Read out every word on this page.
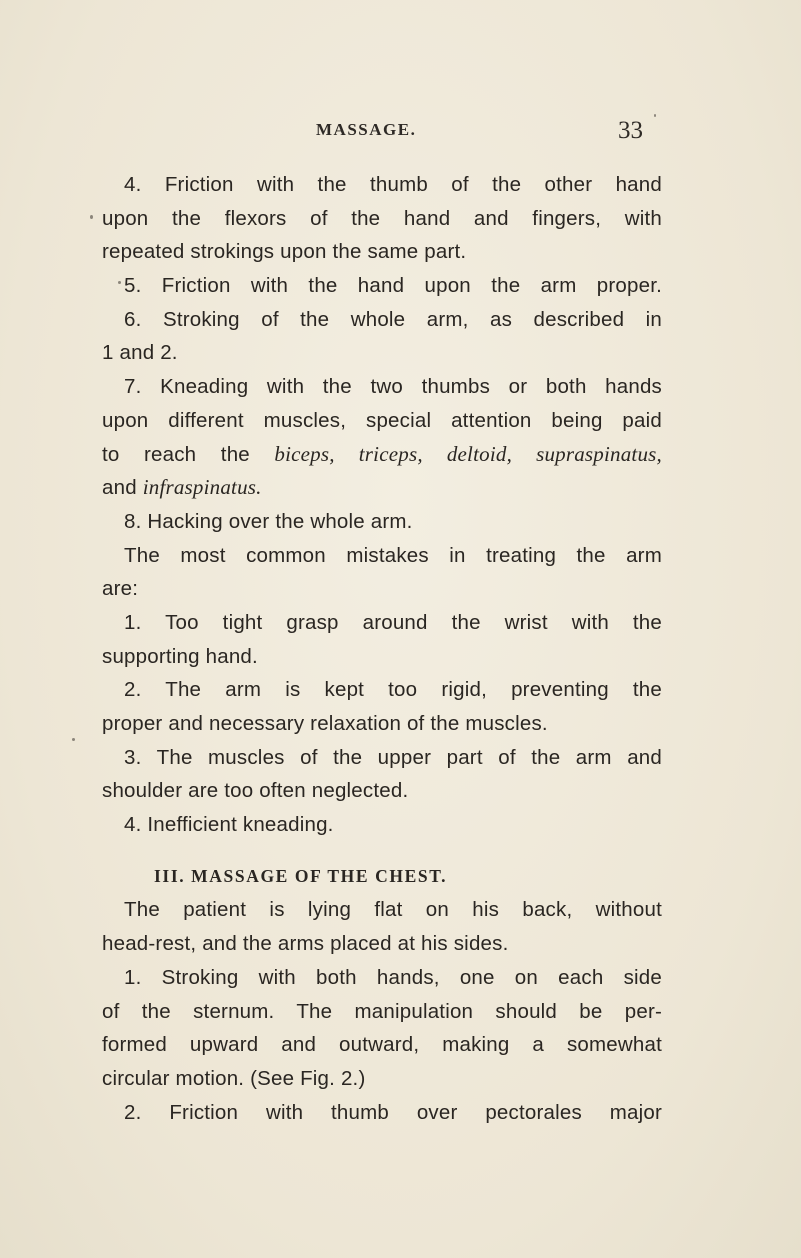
MASSAGE.	33
4. Friction with the thumb of the other hand
upon the flexors of the hand and fingers, with
repeated strokings upon the same part.
5. Friction with the hand upon the arm proper.
6. Stroking of the whole arm, as described in
1 and 2.
7. Kneading with the two thumbs or both hands
upon different muscles, special attention being paid
to reach the biceps, triceps, deltoid, supraspinatus,
and infraspinatus.
8. Hacking over the whole arm.
The most common mistakes in treating the arm
are:
1. Too tight grasp around the wrist with the
supporting hand.
2. The arm is kept too rigid, preventing the
proper and necessary relaxation of the muscles.
3. The muscles of the upper part of the arm and
shoulder are too often neglected.
4. Inefficient kneading.
III. MASSAGE OF THE CHEST.
The patient is lying flat on his back, without
head-rest, and the arms placed at his sides.
1. Stroking with both hands, one on each side
of the sternum. The manipulation should be per-
formed upward and outward, making a somewhat
circular motion. (See Fig. 2.)
2. Friction with thumb over pectorales major
